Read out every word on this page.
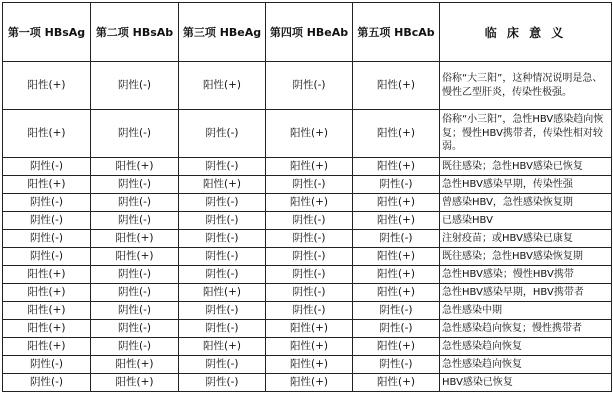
第一项 HBsAg	第二项 HBsAb	第三项 HBeAg	第四项 HBeAb	第五项 HBcAb	临 床 意 义
阳性(+)	阴性(-)	阳性(+)	阴性(-)	阳性(+)	俗称“大三阳”，这种情况说明是急、慢性乙型肝炎，传染性极强。
阳性(+)	阴性(-)	阴性(-)	阳性(+)	阳性(+)	俗称“小三阳”，急性HBV感染趋向恢复；慢性HBV携带者，传染性相对较弱。
阴性(-)	阳性(+)	阴性(-)	阳性(+)	阳性(+)	既往感染；急性HBV感染已恢复
阳性(+)	阴性(-)	阳性(+)	阴性(-)	阴性(-)	急性HBV感染早期，传染性强
阴性(-)	阴性(-)	阴性(-)	阳性(+)	阳性(+)	曾感染HBV，急性感染恢复期
阴性(-)	阴性(-)	阴性(-)	阴性(-)	阳性(+)	已感染HBV
阴性(-)	阳性(+)	阴性(-)	阴性(-)	阴性(-)	注射疫苗；或HBV感染已康复
阴性(-)	阳性(+)	阴性(-)	阴性(-)	阳性(+)	既往感染；急性HBV感染恢复期
阳性(+)	阴性(-)	阴性(-)	阴性(-)	阳性(+)	急性HBV感染；慢性HBV携带
阳性(+)	阴性(-)	阳性(+)	阴性(-)	阳性(+)	急性HBV感染早期，HBV携带者
阳性(+)	阴性(-)	阴性(-)	阴性(-)	阴性(-)	急性感染中期
阳性(+)	阴性(-)	阴性(-)	阳性(+)	阴性(-)	急性感染趋向恢复；慢性携带者
阳性(+)	阴性(-)	阳性(+)	阳性(+)	阳性(+)	急性感染趋向恢复
阴性(-)	阳性(+)	阴性(-)	阳性(+)	阴性(-)	急性感染趋向恢复
阴性(-)	阳性(+)	阴性(-)	阳性(+)	阳性(+)	HBV感染已恢复
